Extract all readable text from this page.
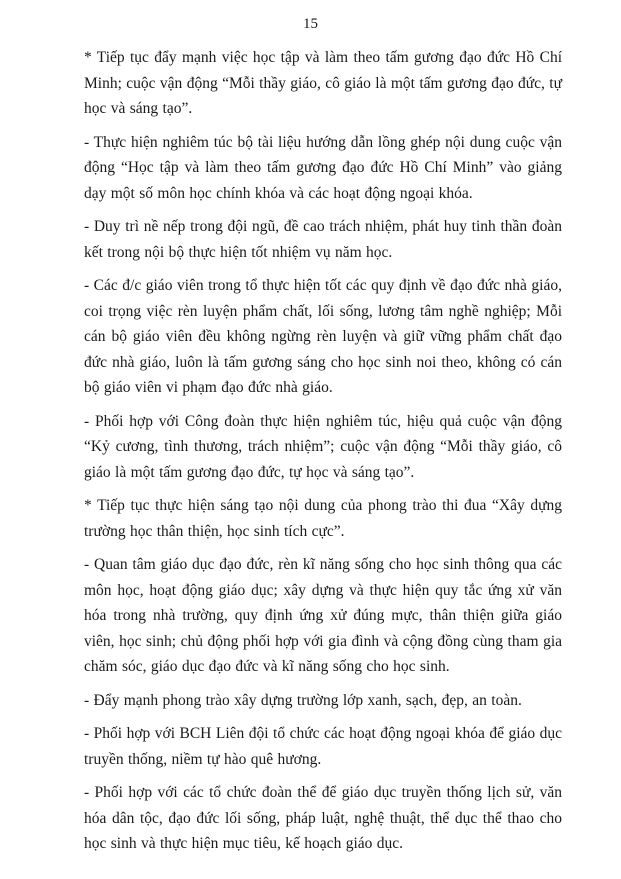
15

* Tiếp tục đẩy mạnh việc học tập và làm theo tấm gương đạo đức Hồ Chí Minh; cuộc vận động “Mỗi thầy giáo, cô giáo là một tấm gương đạo đức, tự học và sáng tạo”.

- Thực hiện nghiêm túc bộ tài liệu hướng dẫn lồng ghép nội dung cuộc vận động “Học tập và làm theo tấm gương đạo đức Hồ Chí Minh” vào giảng dạy một số môn học chính khóa và các hoạt động ngoại khóa.

- Duy trì nề nếp trong đội ngũ, đề cao trách nhiệm, phát huy tinh thần đoàn kết trong nội bộ thực hiện tốt nhiệm vụ năm học.

- Các đ/c giáo viên trong tổ thực hiện tốt các quy định về đạo đức nhà giáo, coi trọng việc rèn luyện phẩm chất, lối sống, lương tâm nghề nghiệp; Mỗi cán bộ giáo viên đều không ngừng rèn luyện và giữ vững phẩm chất đạo đức nhà giáo, luôn là tấm gương sáng cho học sinh noi theo, không có cán bộ giáo viên vi phạm đạo đức nhà giáo.

- Phối hợp với Công đoàn thực hiện nghiêm túc, hiệu quả cuộc vận động “Kỷ cương, tình thương, trách nhiệm”; cuộc vận động “Mỗi thầy giáo, cô giáo là một tấm gương đạo đức, tự học và sáng tạo”.

* Tiếp tục thực hiện sáng tạo nội dung của phong trào thi đua “Xây dựng trường học thân thiện, học sinh tích cực”.

- Quan tâm giáo dục đạo đức, rèn kĩ năng sống cho học sinh thông qua các môn học, hoạt động giáo dục; xây dựng và thực hiện quy tắc ứng xử văn hóa trong nhà trường, quy định ứng xử đúng mực, thân thiện giữa giáo viên, học sinh; chủ động phối hợp với gia đình và cộng đồng cùng tham gia chăm sóc, giáo dục đạo đức và kĩ năng sống cho học sinh.

- Đẩy mạnh phong trào xây dựng trường lớp xanh, sạch, đẹp, an toàn.

- Phối hợp với BCH Liên đội tổ chức các hoạt động ngoại khóa để giáo dục truyền thống, niềm tự hào quê hương.

- Phối hợp với các tổ chức đoàn thể để giáo dục truyền thống lịch sử, văn hóa dân tộc, đạo đức lối sống, pháp luật, nghệ thuật, thể dục thể thao cho học sinh và thực hiện mục tiêu, kế hoạch giáo dục.
